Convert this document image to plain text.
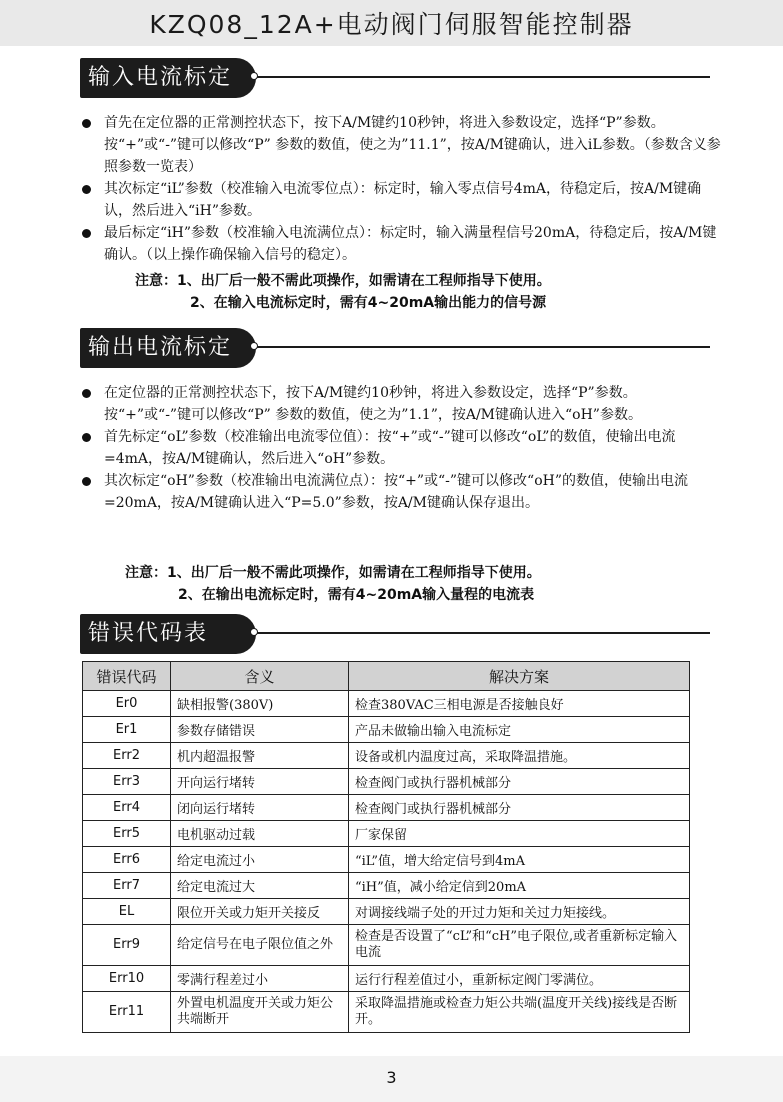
KZQ08_12A+电动阀门伺服智能控制器
输入电流标定
首先在定位器的正常测控状态下，按下A/M键约10秒钟，将进入参数设定，选择“P”参数。按“+”或“-”键可以修改“P” 参数的数值，使之为”11.1”，按A/M键确认，进入iL参数。（参数含义参照参数一览表）
其次标定“iL”参数（校准输入电流零位点）：标定时，输入零点信号4mA，待稳定后，按A/M键确认，然后进入“iH”参数。
最后标定“iH”参数（校准输入电流满位点）：标定时，输入满量程信号20mA，待稳定后，按A/M键确认。（以上操作确保输入信号的稳定）。
注意：1、出厂后一般不需此项操作，如需请在工程师指导下使用。
2、在输入电流标定时，需有4~20mA输出能力的信号源
输出电流标定
在定位器的正常测控状态下，按下A/M键约10秒钟，将进入参数设定，选择“P”参数。按“+”或“-”键可以修改“P” 参数的数值，使之为”1.1”，按A/M键确认进入“oH”参数。
首先标定“oL”参数（校准输出电流零位值）：按“+”或“-”键可以修改“oL”的数值，使输出电流=4mA，按A/M键确认，然后进入“oH”参数。
其次标定“oH”参数（校准输出电流满位点）：按“+”或“-”键可以修改“oH”的数值，使输出电流=20mA，按A/M键确认进入“P=5.0”参数，按A/M键确认保存退出。
注意：1、出厂后一般不需此项操作，如需请在工程师指导下使用。
2、在输出电流标定时，需有4~20mA输入量程的电流表
错误代码表
错误代码	含义	解决方案
Er0	缺相报警(380V)	检查380VAC三相电源是否接触良好
Er1	参数存储错误	产品未做输出输入电流标定
Err2	机内超温报警	设备或机内温度过高，采取降温措施。
Err3	开向运行堵转	检查阀门或执行器机械部分
Err4	闭向运行堵转	检查阀门或执行器机械部分
Err5	电机驱动过载	厂家保留
Err6	给定电流过小	“iL”值，增大给定信号到4mA
Err7	给定电流过大	“iH”值，减小给定信到20mA
EL	限位开关或力矩开关接反	对调接线端子处的开过力矩和关过力矩接线。
Err9	给定信号在电子限位值之外	检查是否设置了“cL”和“cH”电子限位,或者重新标定输入电流
Err10	零满行程差过小	运行行程差值过小，重新标定阀门零满位。
Err11	外置电机温度开关或力矩公共端断开	采取降温措施或检查力矩公共端(温度开关线)接线是否断开。
3
